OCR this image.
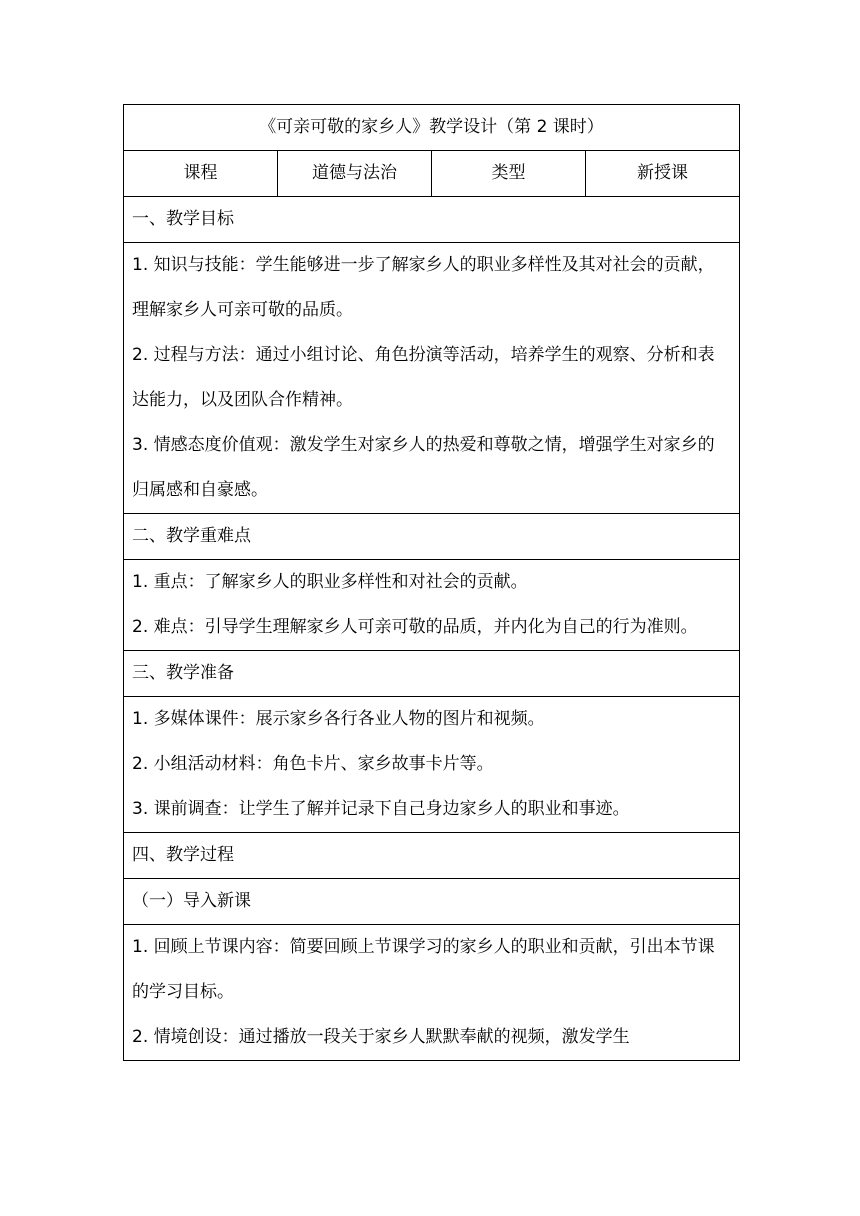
《可亲可敬的家乡人》教学设计（第 2 课时）
课程	道德与法治	类型	新授课
一、教学目标

1. 知识与技能：学生能够进一步了解家乡人的职业多样性及其对社会的贡献，理解家乡人可亲可敬的品质。

2. 过程与方法：通过小组讨论、角色扮演等活动，培养学生的观察、分析和表达能力，以及团队合作精神。

3. 情感态度价值观：激发学生对家乡人的热爱和尊敬之情，增强学生对家乡的归属感和自豪感。

二、教学重难点

1. 重点：了解家乡人的职业多样性和对社会的贡献。

2. 难点：引导学生理解家乡人可亲可敬的品质，并内化为自己的行为准则。

三、教学准备

1. 多媒体课件：展示家乡各行各业人物的图片和视频。

2. 小组活动材料：角色卡片、家乡故事卡片等。

3. 课前调查：让学生了解并记录下自己身边家乡人的职业和事迹。

四、教学过程
（一）导入新课

1. 回顾上节课内容：简要回顾上节课学习的家乡人的职业和贡献，引出本节课的学习目标。

2. 情境创设：通过播放一段关于家乡人默默奉献的视频，激发学生
